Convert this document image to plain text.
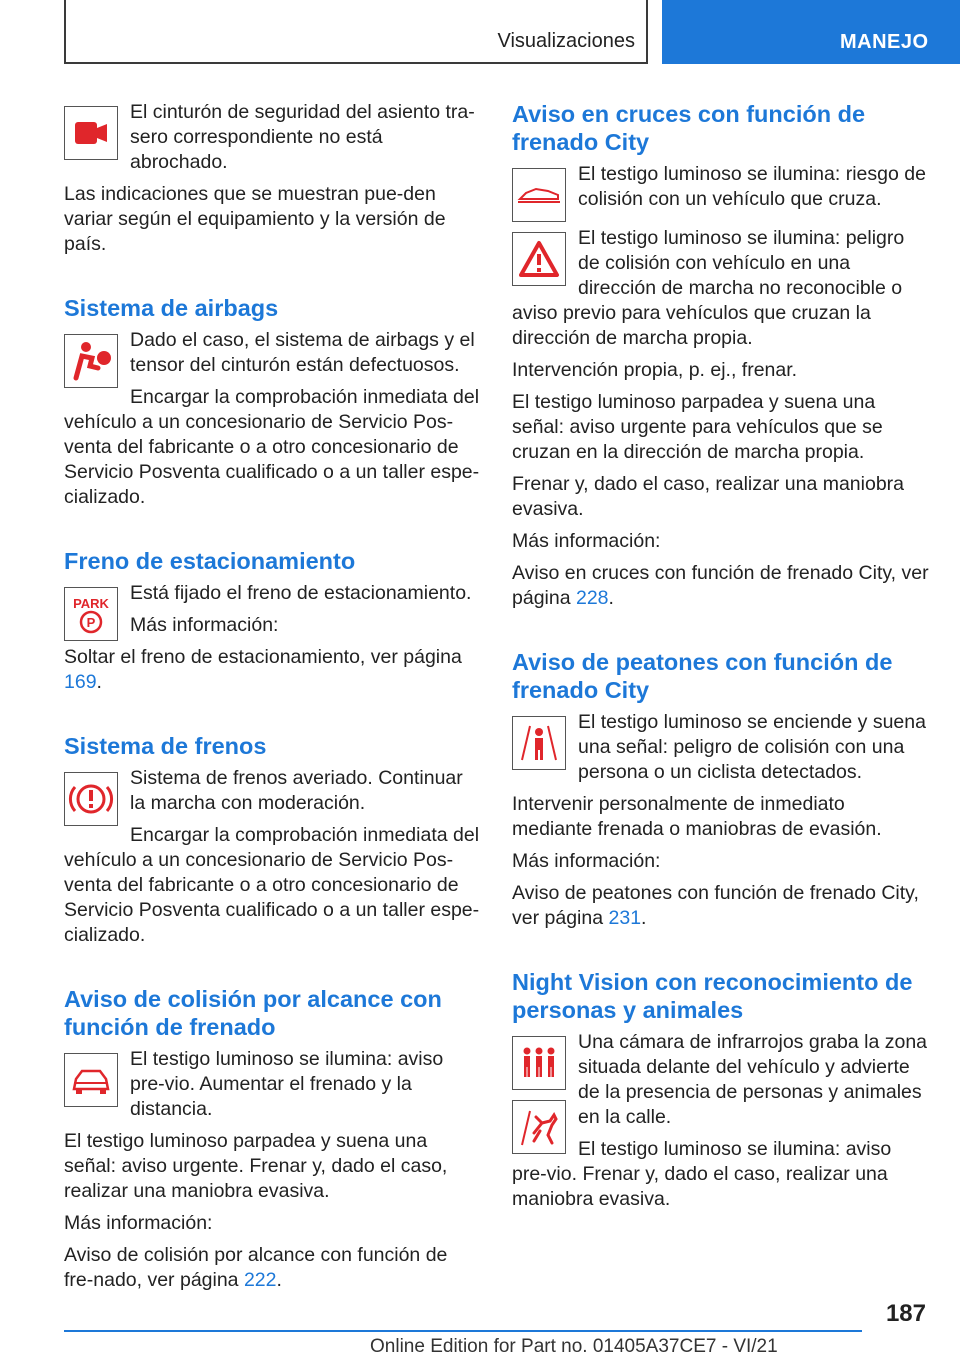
Visualizaciones	MANEJO

El cinturón de seguridad del asiento tra-sero correspondiente no está abrochado.

Las indicaciones que se muestran pue-den variar según el equipamiento y la versión de país.

Sistema de airbags

Dado el caso, el sistema de airbags y el tensor del cinturón están defectuosos.

Encargar la comprobación inmediata del vehículo a un concesionario de Servicio Pos-venta del fabricante o a otro concesionario de Servicio Posventa cualificado o a un taller espe-cializado.

Freno de estacionamiento
PARK
P

Está fijado el freno de estacionamiento.

Más información:

Soltar el freno de estacionamiento, ver página 169.

Sistema de frenos

Sistema de frenos averiado. Continuar la marcha con moderación.

Encargar la comprobación inmediata del vehículo a un concesionario de Servicio Pos-venta del fabricante o a otro concesionario de Servicio Posventa cualificado o a un taller espe-cializado.

Aviso de colisión por alcance con función de frenado

El testigo luminoso se ilumina: aviso pre-vio. Aumentar el frenado y la distancia.

El testigo luminoso parpadea y suena una señal: aviso urgente. Frenar y, dado el caso, realizar una maniobra evasiva.

Más información:

Aviso de colisión por alcance con función de fre-nado, ver página 222.

Aviso en cruces con función de frenado City

El testigo luminoso se ilumina: riesgo de colisión con un vehículo que cruza.

El testigo luminoso se ilumina: peligro de colisión con vehículo en una dirección de marcha no reconocible o aviso previo para vehículos que cruzan la dirección de marcha propia.

Intervención propia, p. ej., frenar.

El testigo luminoso parpadea y suena una señal: aviso urgente para vehículos que se cruzan en la dirección de marcha propia.

Frenar y, dado el caso, realizar una maniobra evasiva.

Más información:

Aviso en cruces con función de frenado City, ver página 228.

Aviso de peatones con función de frenado City

El testigo luminoso se enciende y suena una señal: peligro de colisión con una persona o un ciclista detectados.

Intervenir personalmente de inmediato mediante frenada o maniobras de evasión.

Más información:

Aviso de peatones con función de frenado City, ver página 231.

Night Vision con reconocimiento de personas y animales

Una cámara de infrarrojos graba la zona situada delante del vehículo y advierte de la presencia de personas y animales en la calle.

El testigo luminoso se ilumina: aviso pre-vio. Frenar y, dado el caso, realizar una maniobra evasiva.

187
Online Edition for Part no. 01405A37CE7 - VI/21
